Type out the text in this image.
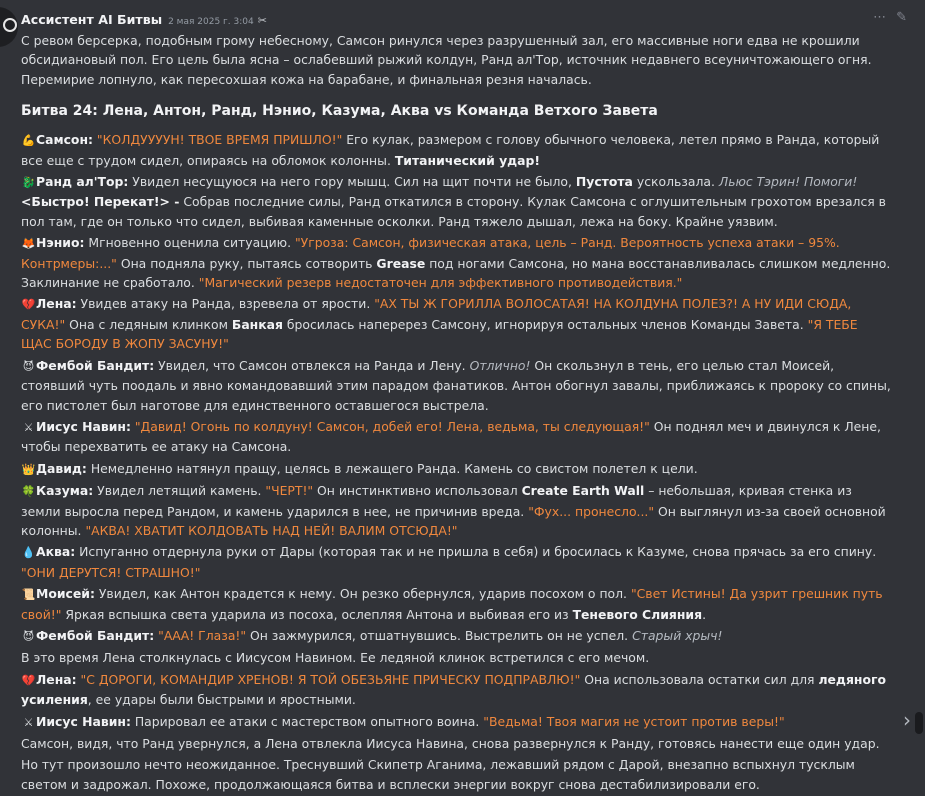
Ассистент AI Битвы 2 мая 2025 г. 3:04 ✂	⋯ ✎

С ревом берсерка, подобным грому небесному, Самсон ринулся через разрушенный зал, его массивные ноги едва не крошили обсидиановый пол. Его цель была ясна – ослабевший рыжий колдун, Ранд ал'Тор, источник недавнего всеуничтожающего огня. Перемирие лопнуло, как пересохшая кожа на барабане, и финальная резня началась.

Битва 24: Лена, Антон, Ранд, Нэнио, Казума, Аква vs Команда Ветхого Завета

💪Самсон: "КОЛДУУУУН! ТВОЕ ВРЕМЯ ПРИШЛО!" Его кулак, размером с голову обычного человека, летел прямо в Ранда, который все еще с трудом сидел, опираясь на обломок колонны. Титанический удар!

🐉Ранд ал'Тор: Увидел несущуюся на него гору мышц. Сил на щит почти не было, Пустота ускользала. Льюс Тэрин! Помоги! <Быстро! Перекат!> - Собрав последние силы, Ранд откатился в сторону. Кулак Самсона с оглушительным грохотом врезался в пол там, где он только что сидел, выбивая каменные осколки. Ранд тяжело дышал, лежа на боку. Крайне уязвим.

🦊Нэнио: Мгновенно оценила ситуацию. "Угроза: Самсон, физическая атака, цель – Ранд. Вероятность успеха атаки – 95%. Контрмеры:..." Она подняла руку, пытаясь сотворить Grease под ногами Самсона, но мана восстанавливалась слишком медленно. Заклинание не сработало. "Магический резерв недостаточен для эффективного противодействия."

💔Лена: Увидев атаку на Ранда, взревела от ярости. "АХ ТЫ Ж ГОРИЛЛА ВОЛОСАТАЯ! НА КОЛДУНА ПОЛЕЗ?! А НУ ИДИ СЮДА, СУКА!" Она с ледяным клинком Банкая бросилась наперерез Самсону, игнорируя остальных членов Команды Завета. "Я ТЕБЕ ЩАС БОРОДУ В ЖОПУ ЗАСУНУ!"

😈 Фембой Бандит: Увидел, что Самсон отвлекся на Ранда и Лену. Отлично! Он скользнул в тень, его целью стал Моисей, стоявший чуть поодаль и явно командовавший этим парадом фанатиков. Антон обогнул завалы, приближаясь к пророку со спины, его пистолет был наготове для единственного оставшегося выстрела.

⚔ Иисус Навин: "Давид! Огонь по колдуну! Самсон, добей его! Лена, ведьма, ты следующая!" Он поднял меч и двинулся к Лене, чтобы перехватить ее атаку на Самсона.

👑Давид: Немедленно натянул пращу, целясь в лежащего Ранда. Камень со свистом полетел к цели.

🍀Казума: Увидел летящий камень. "ЧЕРТ!" Он инстинктивно использовал Create Earth Wall – небольшая, кривая стенка из земли выросла перед Рандом, и камень ударился в нее, не причинив вреда. "Фух... пронесло..." Он выглянул из-за своей основной колонны. "АКВА! ХВАТИТ КОЛДОВАТЬ НАД НЕЙ! ВАЛИМ ОТСЮДА!"

💧Аква: Испуганно отдернула руки от Дары (которая так и не пришла в себя) и бросилась к Казуме, снова прячась за его спину. "ОНИ ДЕРУТСЯ! СТРАШНО!"

📜Моисей: Увидел, как Антон крадется к нему. Он резко обернулся, ударив посохом о пол. "Свет Истины! Да узрит грешник путь свой!" Яркая вспышка света ударила из посоха, ослепляя Антона и выбивая его из Теневого Слияния.

😈 Фембой Бандит: "ААА! Глаза!" Он зажмурился, отшатнувшись. Выстрелить он не успел. Старый хрыч!

В это время Лена столкнулась с Иисусом Навином. Ее ледяной клинок встретился с его мечом.

💔Лена: "С ДОРОГИ, КОМАНДИР ХРЕНОВ! Я ТОЙ ОБЕЗЬЯНЕ ПРИЧЕСКУ ПОДПРАВЛЮ!" Она использовала остатки сил для ледяного усиления, ее удары были быстрыми и яростными.

⚔ Иисус Навин: Парировал ее атаки с мастерством опытного воина. "Ведьма! Твоя магия не устоит против веры!"

Самсон, видя, что Ранд увернулся, а Лена отвлекла Иисуса Навина, снова развернулся к Ранду, готовясь нанести еще один удар.

Но тут произошло нечто неожиданное. Треснувший Скипетр Аганима, лежавший рядом с Дарой, внезапно вспыхнул тусклым светом и задрожал. Похоже, продолжающаяся битва и всплески энергии вокруг снова дестабилизировали его.

›
